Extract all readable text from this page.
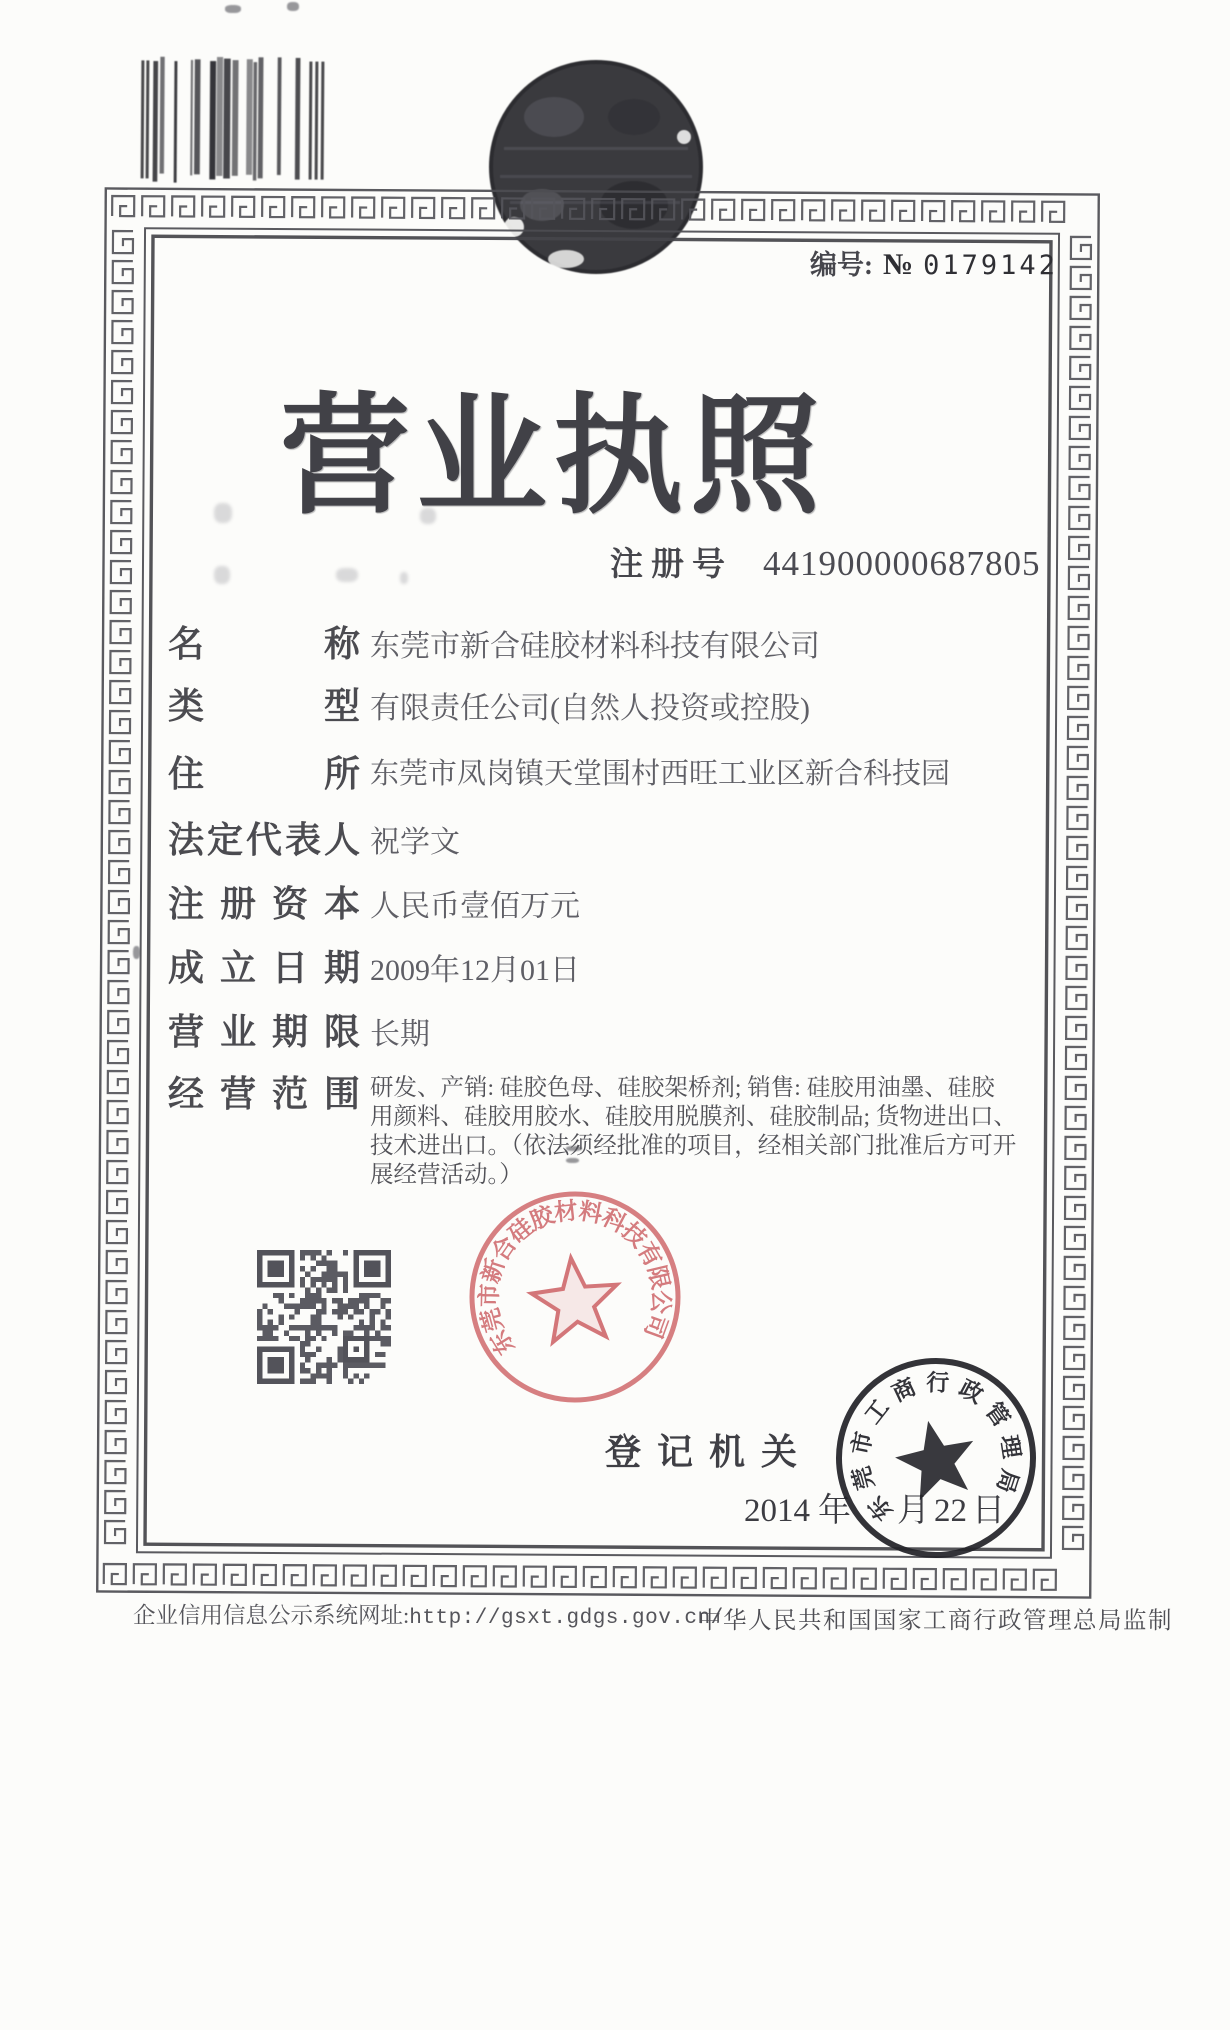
编号: № 0179142
营 业 执 照
注册号 441900000687805
名	称 东莞市新合硅胶材料科技有限公司
类	型 有限责任公司(自然人投资或控股)
住	所 东莞市凤岗镇天堂围村西旺工业区新合科技园
法 定 代 表 人 祝学文
注 册 资 本 人民币壹佰万元
成 立 日 期 2009年12月01日
营 业 期 限 长期
经 营 范 围 研发、产销: 硅胶色母、硅胶架桥剂; 销售: 硅胶用油墨、硅胶用颜料、硅胶用胶水、硅胶用脱膜剂、硅胶制品; 货物进出口、技术进出口。（依法须经批准的项目，经相关部门批准后方可开展经营活动。）
东
莞
市
新
合
硅
胶
材
料
科
技
有
限
公
司
登记机关
2014 年 月 22 日
东
莞
市
工
商 行 政
管
理
局
企业信用信息公示系统网址: http://gsxt.gdgs.gov.cn/
中华人民共和国国家工商行政管理总局监制
